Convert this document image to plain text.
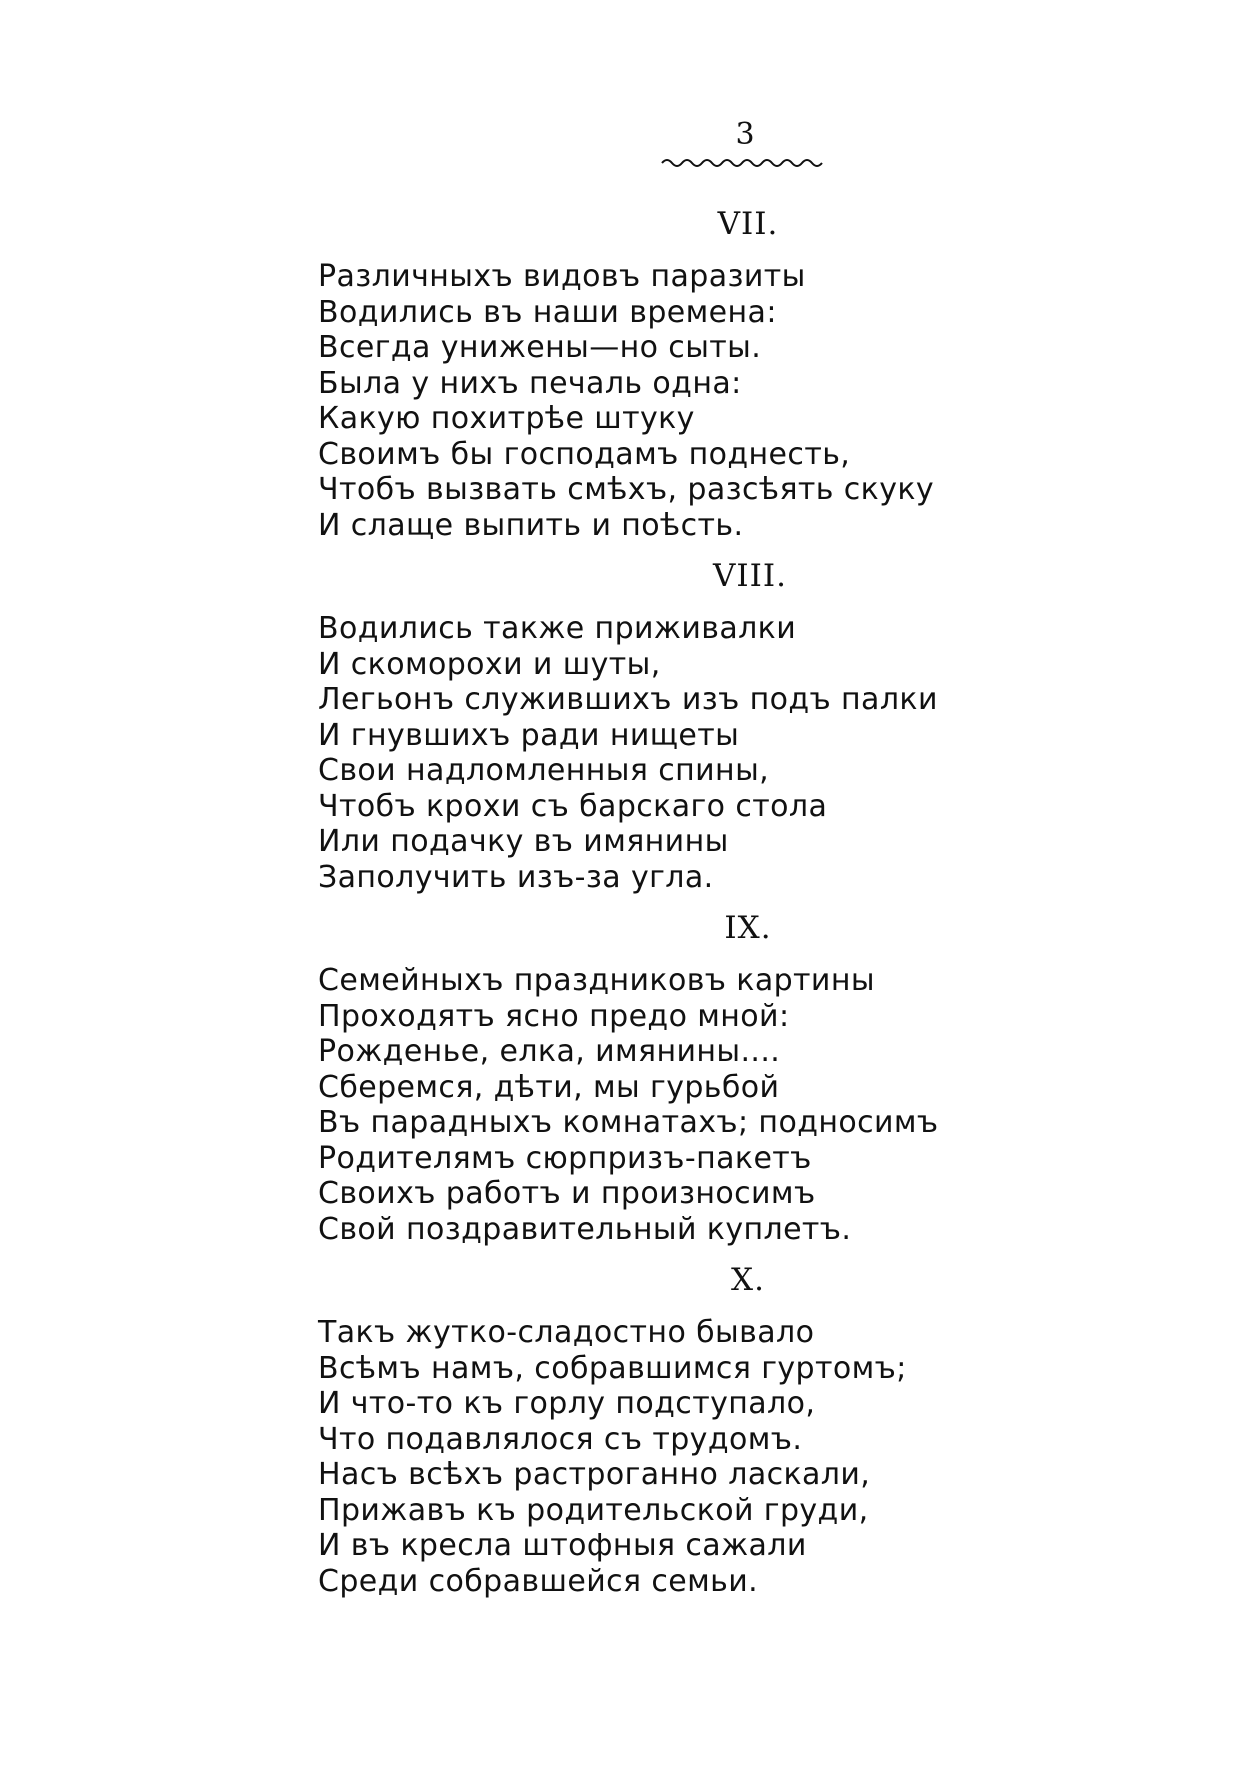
3
VII.
Различныхъ видовъ паразиты
Водились въ наши времена:
Всегда унижены—но сыты.
Была у нихъ печаль одна:
Какую похитрѣе штуку
Своимъ бы господамъ поднесть,
Чтобъ вызвать смѣхъ, разсѣять скуку
И слаще выпить и поѣсть.
VIII.
Водились также приживалки
И скоморохи и шуты,
Легьонъ служившихъ изъ подъ палки
И гнувшихъ ради нищеты
Свои надломленныя спины,
Чтобъ крохи съ барскаго стола
Или подачку въ имянины
Заполучить изъ-за угла.
IX.
Семейныхъ праздниковъ картины
Проходятъ ясно предо мной:
Рожденье, елка, имянины....
Сберемся, дѣти, мы гурьбой
Въ парадныхъ комнатахъ; подносимъ
Родителямъ сюрпризъ-пакетъ
Своихъ работъ и произносимъ
Свой поздравительный куплетъ.
X.
Такъ жутко-сладостно бывало
Всѣмъ намъ, собравшимся гуртомъ;
И что-то къ горлу подступало,
Что подавлялося съ трудомъ.
Насъ всѣхъ растроганно ласкали,
Прижавъ къ родительской груди,
И въ кресла штофныя сажали
Среди собравшейся семьи.
